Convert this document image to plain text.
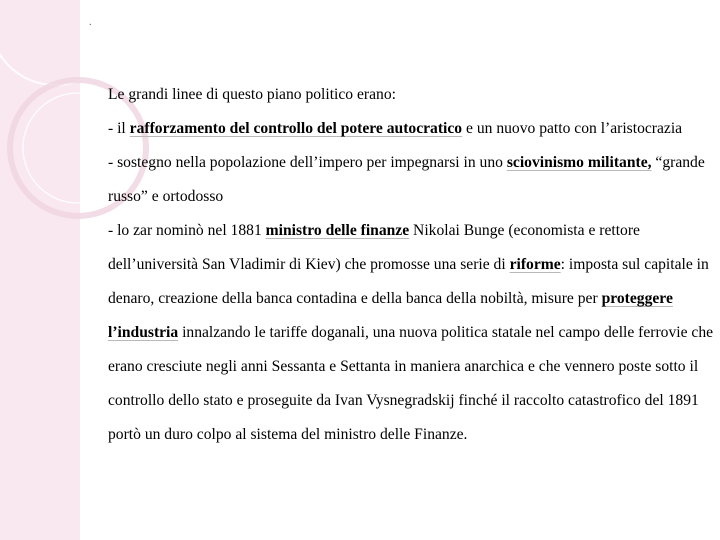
.

Le grandi linee di questo piano politico erano:

- il rafforzamento del controllo del potere autocratico e un nuovo patto con l’aristocrazia

- sostegno nella popolazione dell’impero per impegnarsi in uno sciovinismo militante, “grande russo” e ortodosso

- lo zar nominò nel 1881 ministro delle finanze Nikolai Bunge (economista e rettore dell’università San Vladimir di Kiev) che promosse una serie di riforme: imposta sul capitale in denaro, creazione della banca contadina e della banca della nobiltà, misure per proteggere l’industria innalzando le tariffe doganali, una nuova politica statale nel campo delle ferrovie che erano cresciute negli anni Sessanta e Settanta in maniera anarchica e che vennero poste sotto il controllo dello stato e proseguite da Ivan Vysnegradskij finché il raccolto catastrofico del 1891 portò un duro colpo al sistema del ministro delle Finanze.
